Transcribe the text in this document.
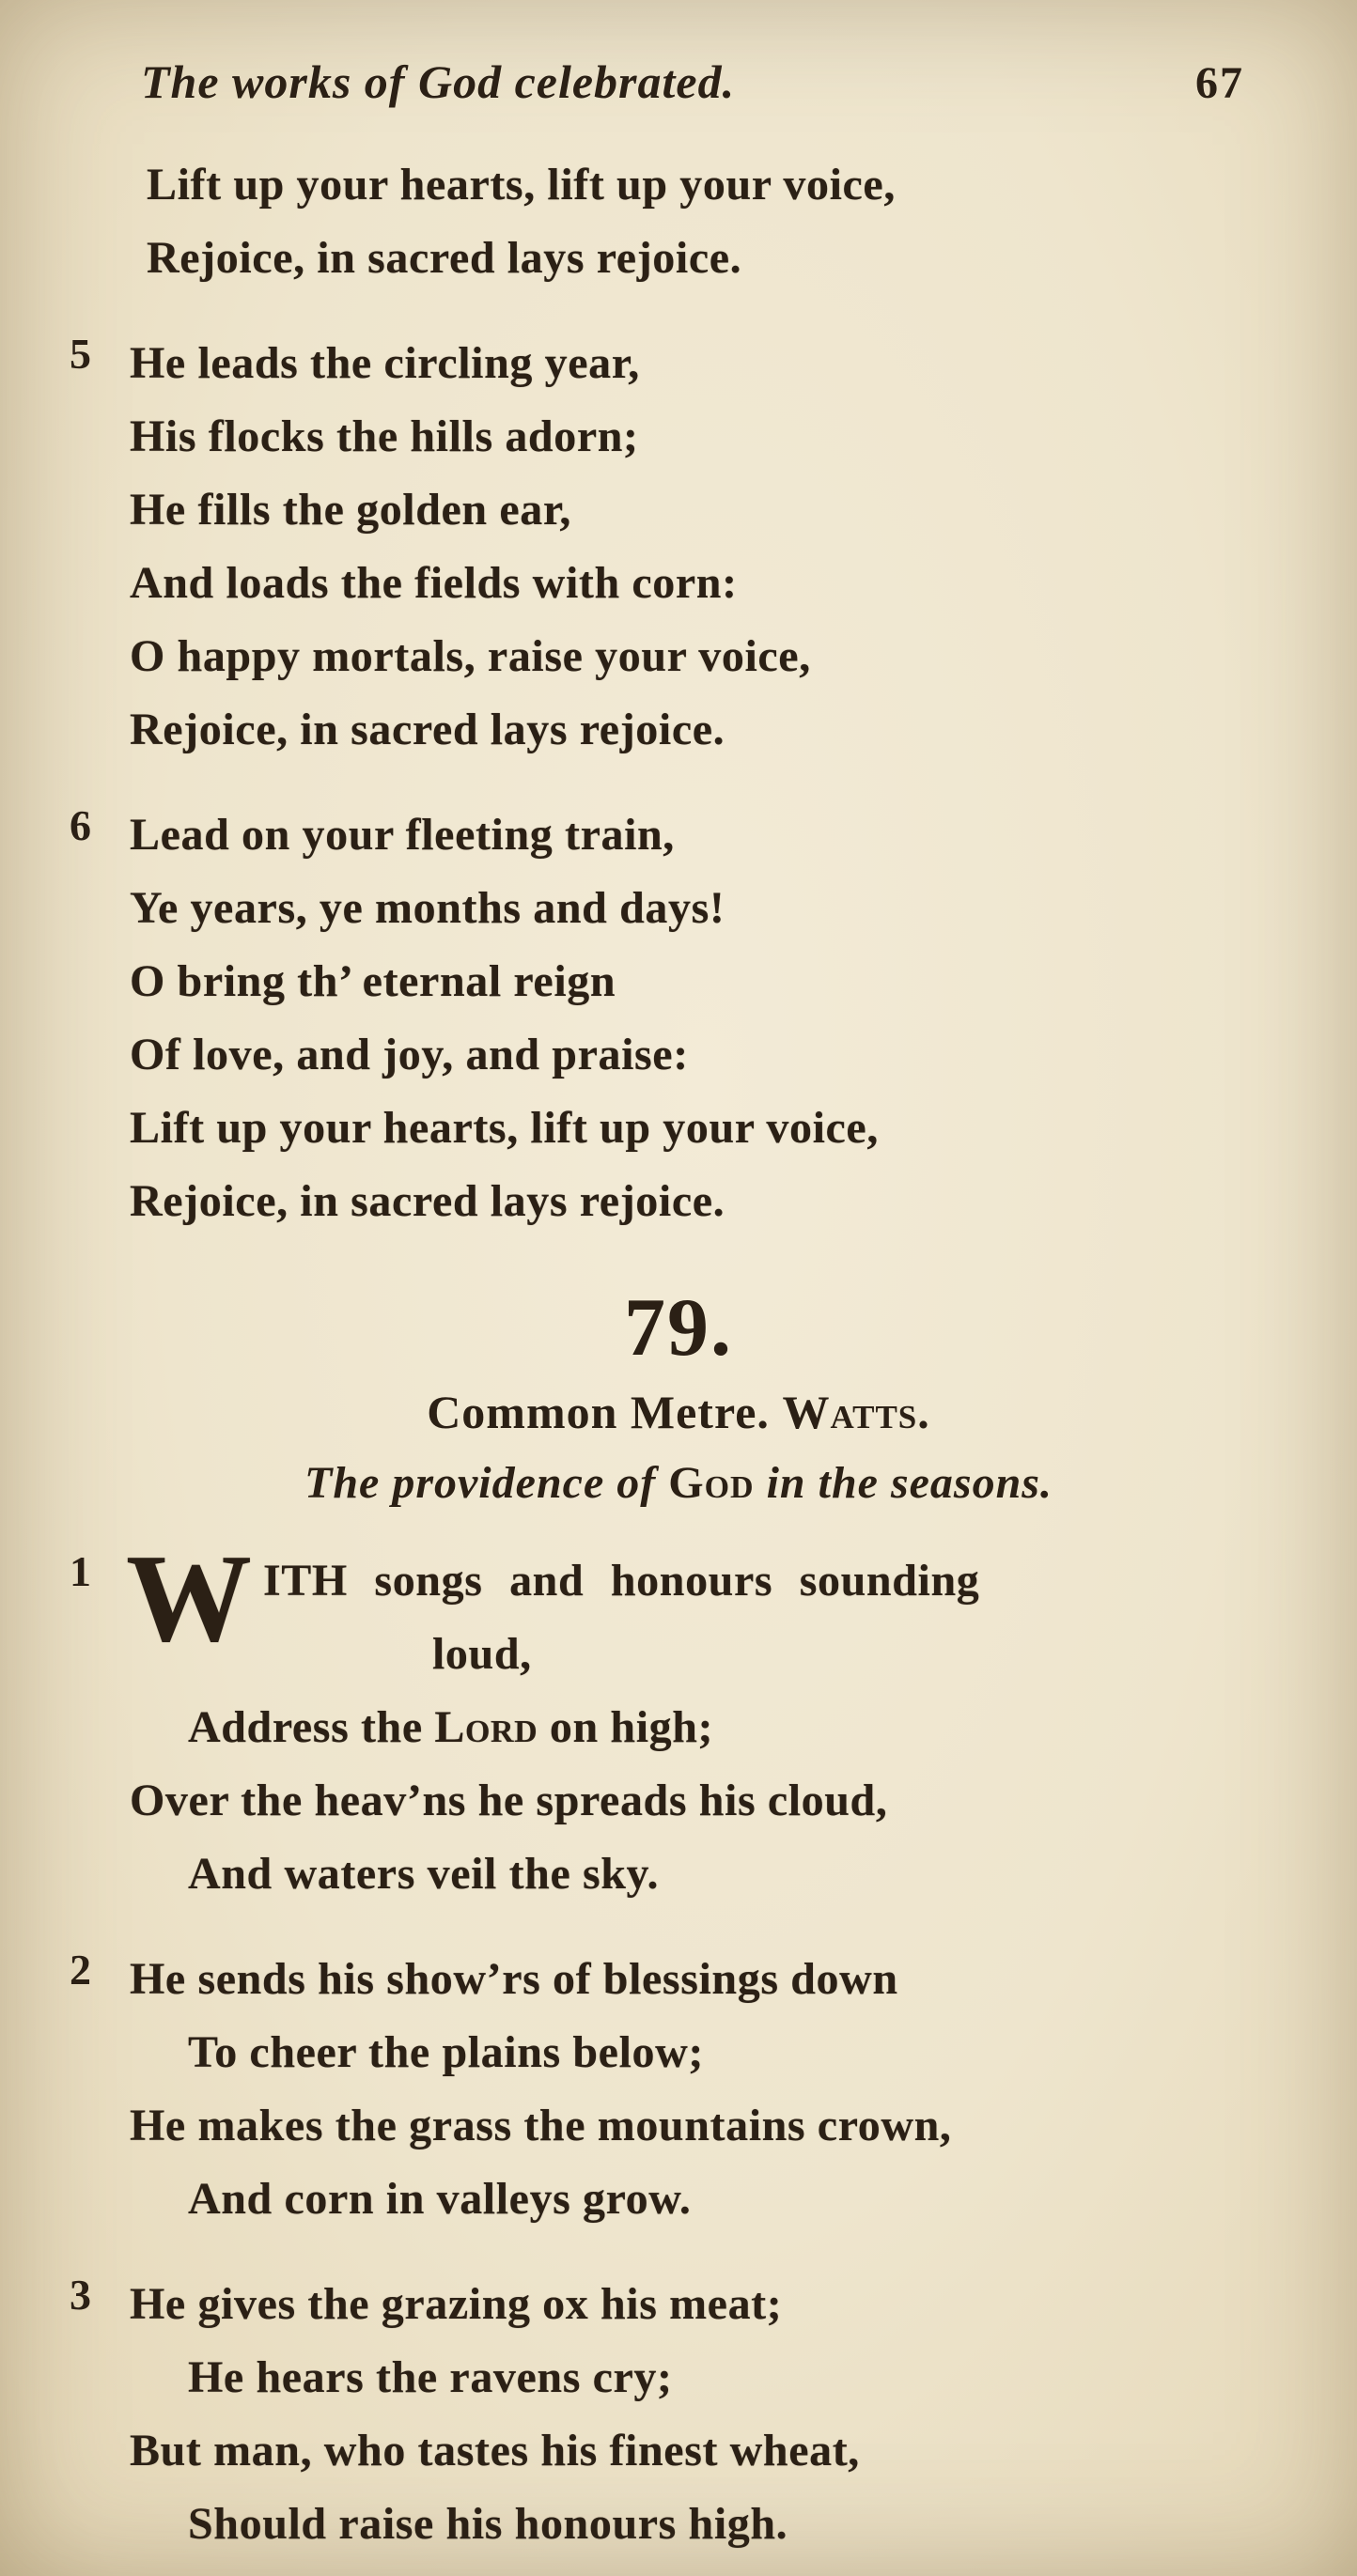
The works of God celebrated.	67
Lift up your hearts, lift up your voice,
Rejoice, in sacred lays rejoice.
5 He leads the circling year,
His flocks the hills adorn;
He fills the golden ear,
And loads the fields with corn:
O happy mortals, raise your voice,
Rejoice, in sacred lays rejoice.
6 Lead on your fleeting train,
Ye years, ye months and days!
O bring th’ eternal reign
Of love, and joy, and praise:
Lift up your hearts, lift up your voice,
Rejoice, in sacred lays rejoice.
79.
Common Metre. Watts.
The providence of God in the seasons.
1 W ITH songs and honours sounding
loud,
Address the Lord on high;
Over the heav’ns he spreads his cloud,
And waters veil the sky.
2 He sends his show’rs of blessings down
To cheer the plains below;
He makes the grass the mountains crown,
And corn in valleys grow.
3 He gives the grazing ox his meat;
He hears the ravens cry;
But man, who tastes his finest wheat,
Should raise his honours high.
